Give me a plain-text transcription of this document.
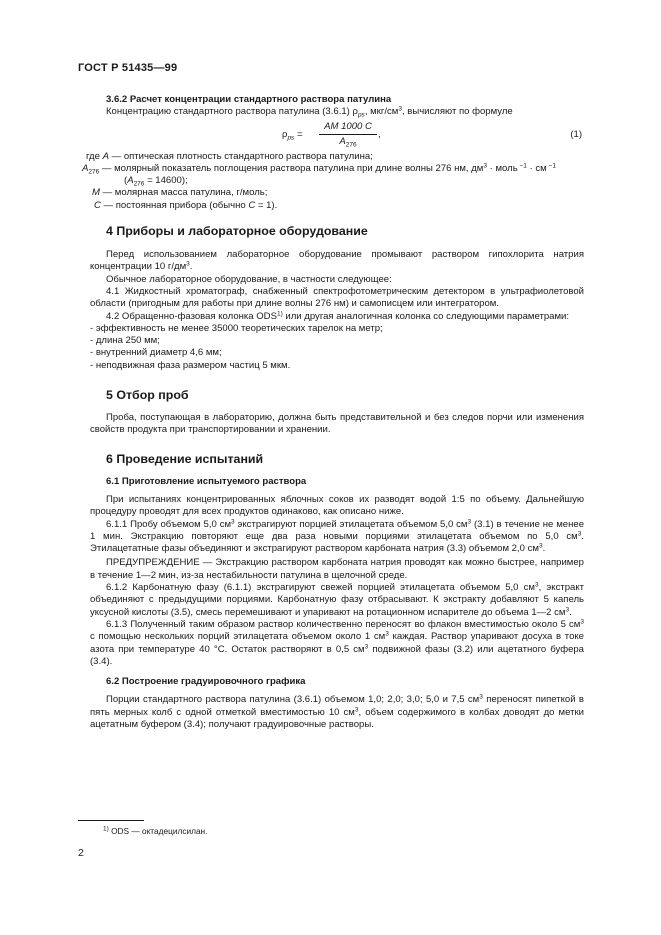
ГОСТ Р 51435—99

3.6.2 Расчет концентрации стандартного раствора патулина

Концентрацию стандартного раствора патулина (3.6.1) $\rho_{ps}$, мкг/$см^3$, вычисляют по формуле

$\rho_{ps} = \frac{AM 1000 C}{A_{276}}$ ,	(1)

где A — оптическая плотность стандартного раствора патулина;

$A_{276}$ — молярный показатель поглощения раствора патулина при длине волны 276 нм, $дм^3$ · моль $^{-1}$ · см $^{-1}$

$(A_{276} = 14600)$;

M — молярная масса патулина, г/моль;

C — постоянная прибора (обычно C = 1).

4 Приборы и лабораторное оборудование

Перед использованием лабораторное оборудование промывают раствором гипохлорита натрия концентрации 10 $г/дм^3$.

Обычное лабораторное оборудование, в частности следующее:

4.1 Жидкостный хроматограф, снабженный спектрофотометрическим детектором в ультрафиолетовой области (пригодным для работы при длине волны 276 нм) и самописцем или интегратором.

4.2 Обращенно-фазовая колонка ODS$^{1)}$ или другая аналогичная колонка со следующими параметрами:

- эффективность не менее 35000 теоретических тарелок на метр;

- длина 250 мм;

- внутренний диаметр 4,6 мм;

- неподвижная фаза размером частиц 5 мкм.

5 Отбор проб

Проба, поступающая в лабораторию, должна быть представительной и без следов порчи или изменения свойств продукта при транспортировании и хранении.

6 Проведение испытаний

6.1 Приготовление испытуемого раствора

При испытаниях концентрированных яблочных соков их разводят водой 1:5 по объему. Дальнейшую процедуру проводят для всех продуктов одинаково, как описано ниже.

6.1.1 Пробу объемом 5,0 $см^3$ экстрагируют порцией этилацетата объемом 5,0 $см^3$ (3.1) в течение не менее 1 мин. Экстракцию повторяют еще два раза новыми порциями этилацетата объемом по 5,0 $см^3$. Этилацетатные фазы объединяют и экстрагируют раствором карбоната натрия (3.3) объемом 2,0 $см^3$.

ПРЕДУПРЕЖДЕНИЕ — Экстракцию раствором карбоната натрия проводят как можно быстрее, например в течение 1—2 мин, из-за нестабильности патулина в щелочной среде.

6.1.2 Карбонатную фазу (6.1.1) экстрагируют свежей порцией этилацетата объемом 5,0 $см^3$, экстракт объединяют с предыдущими порциями. Карбонатную фазу отбрасывают. К экстракту добавляют 5 капель уксусной кислоты (3.5), смесь перемешивают и упаривают на ротационном испарителе до объема 1—2 $см^3$.

6.1.3 Полученный таким образом раствор количественно переносят во флакон вместимостью около 5 $см^3$ с помощью нескольких порций этилацетата объемом около 1 $см^3$ каждая. Раствор упаривают досуха в токе азота при температуре 40 °С. Остаток растворяют в 0,5 $см^3$ подвижной фазы (3.2) или ацетатного буфера (3.4).

6.2 Построение градуировочного графика

Порции стандартного раствора патулина (3.6.1) объемом 1,0; 2,0; 3,0; 5,0 и 7,5 $см^3$ переносят пипеткой в пять мерных колб с одной отметкой вместимостью 10 $см^3$, объем содержимого в колбах доводят до метки ацетатным буфером (3.4); получают градуировочные растворы.

$^{1)}$ ODS — октадецилсилан.
2
